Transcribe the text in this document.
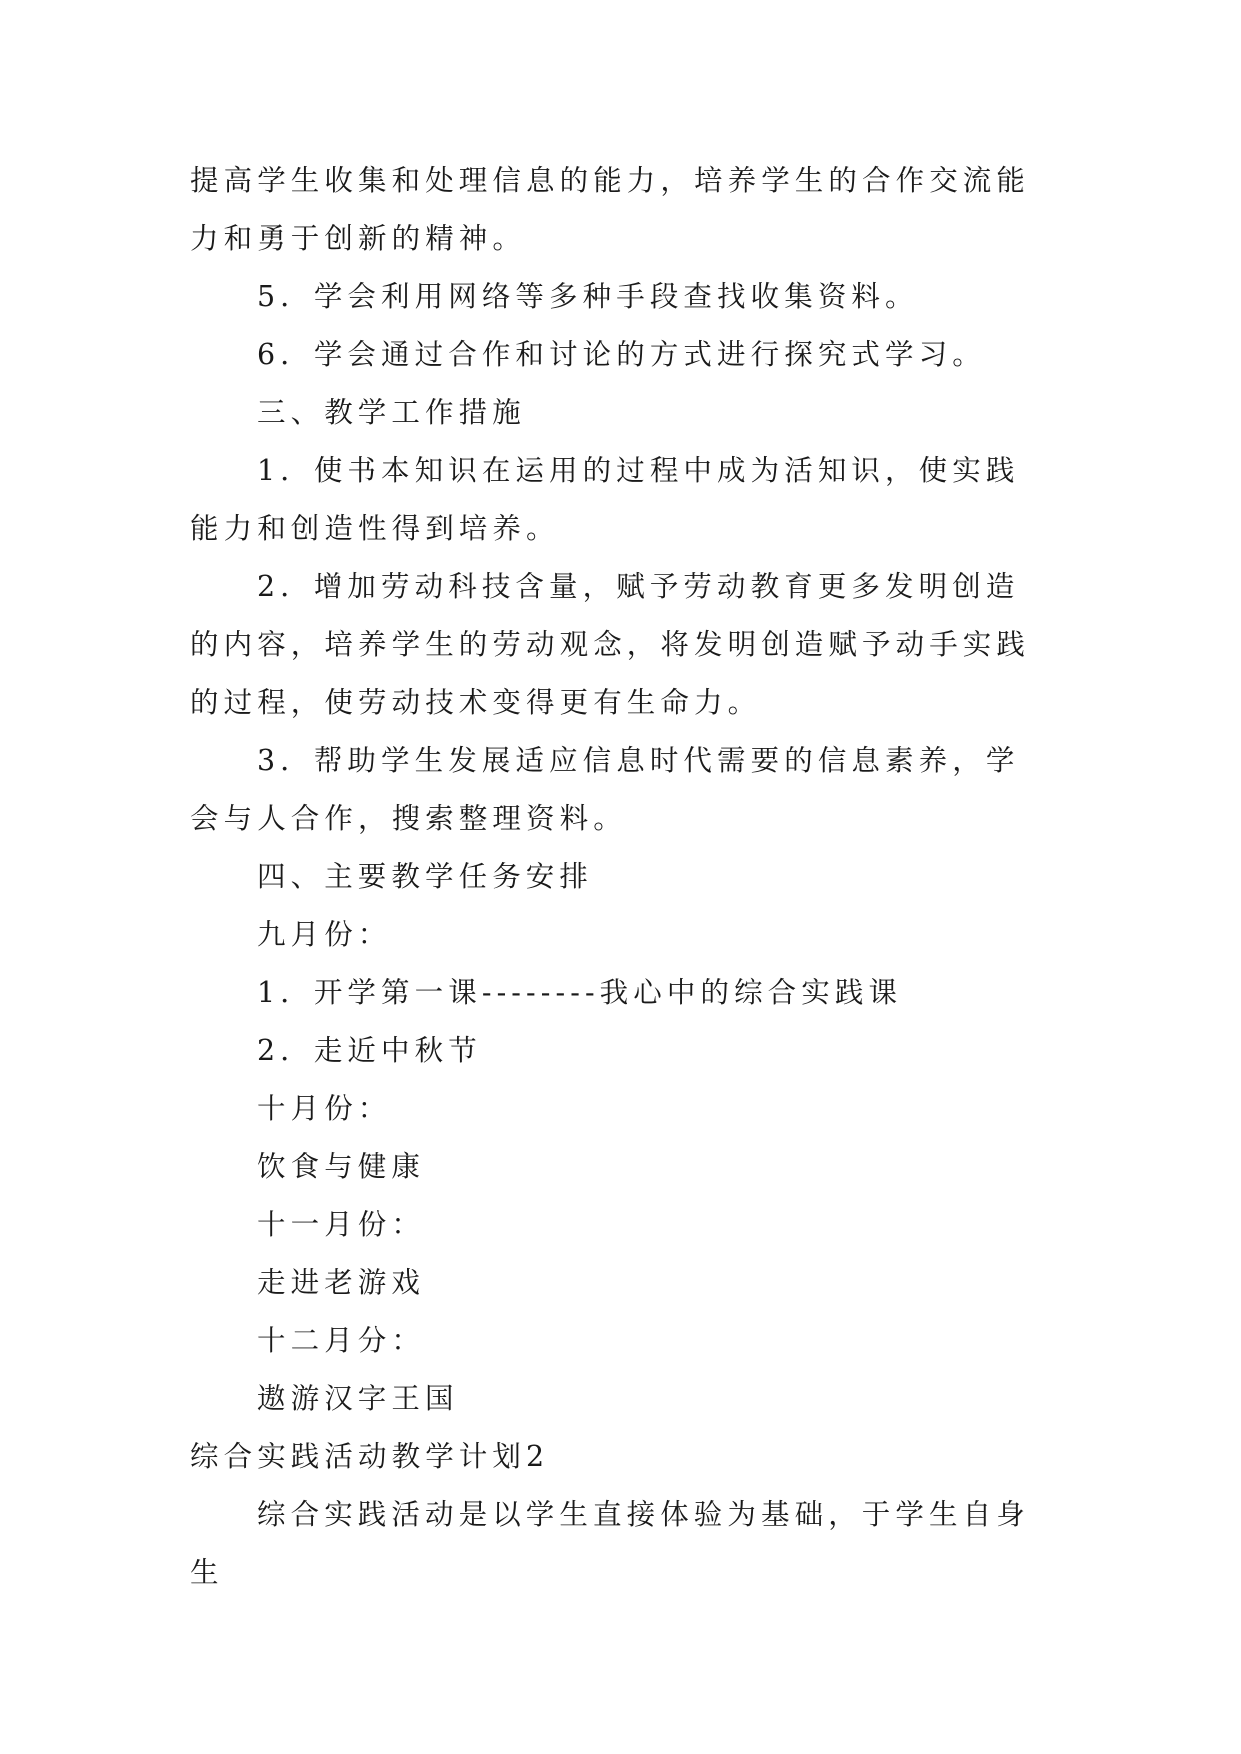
提高学生收集和处理信息的能力，培养学生的合作交流能力和勇于创新的精神。

5．学会利用网络等多种手段查找收集资料。

6．学会通过合作和讨论的方式进行探究式学习。

三、教学工作措施

1．使书本知识在运用的过程中成为活知识，使实践能力和创造性得到培养。

2．增加劳动科技含量，赋予劳动教育更多发明创造的内容，培养学生的劳动观念，将发明创造赋予动手实践的过程，使劳动技术变得更有生命力。

3．帮助学生发展适应信息时代需要的信息素养，学会与人合作，搜索整理资料。

四、主要教学任务安排

九月份：

1．开学第一课--------我心中的综合实践课

2．走近中秋节

十月份：

饮食与健康

十一月份：

走进老游戏

十二月分：

遨游汉字王国

综合实践活动教学计划2

综合实践活动是以学生直接体验为基础，于学生自身生
